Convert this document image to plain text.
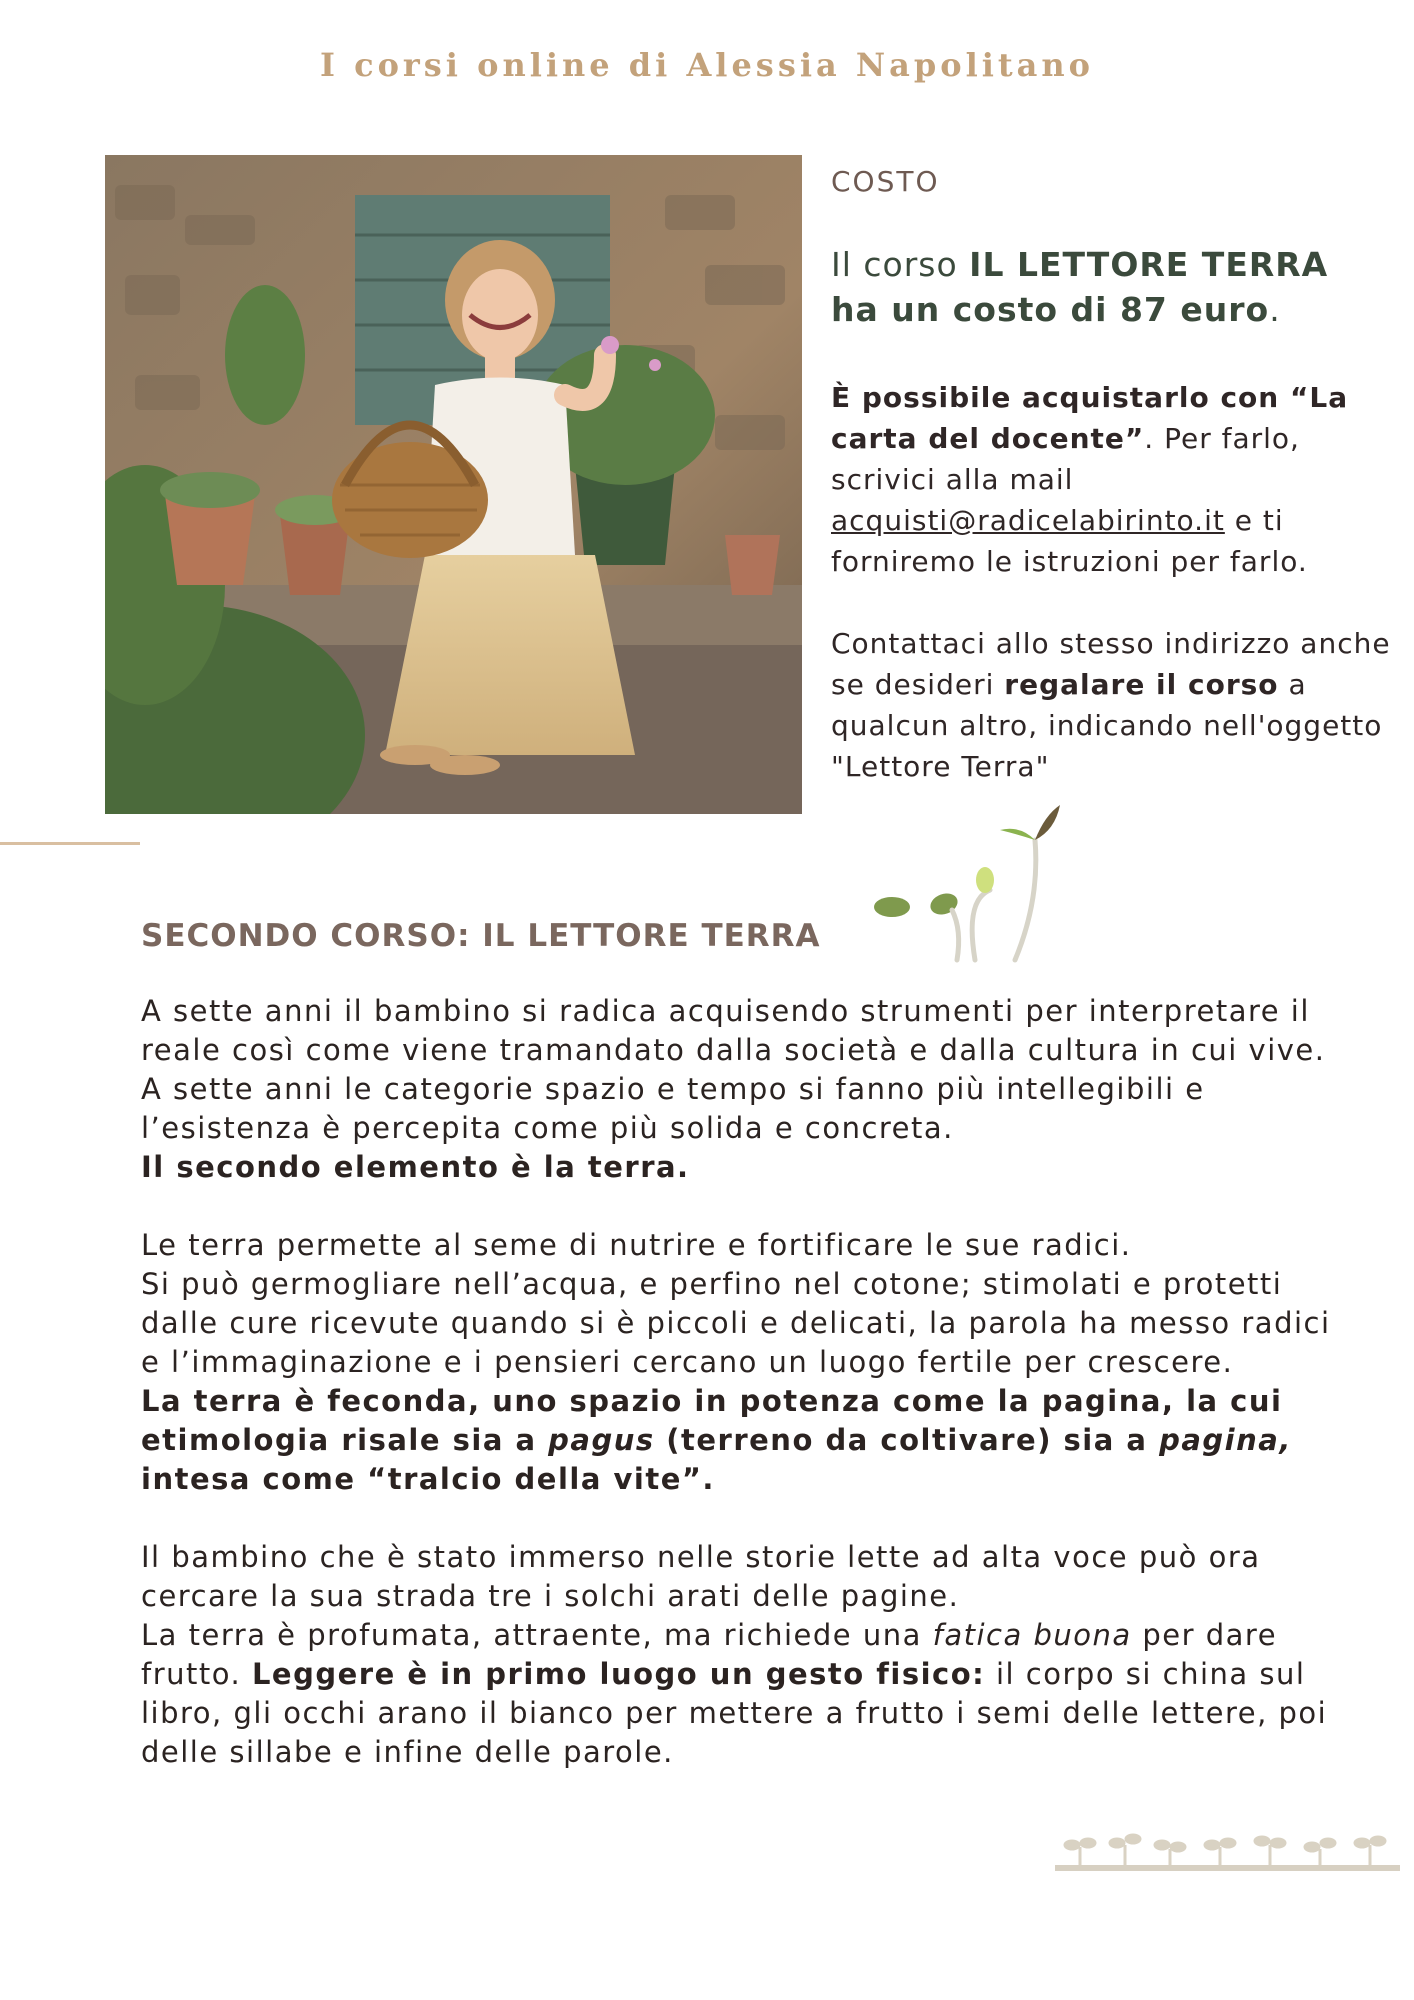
I corsi online di Alessia Napolitano
COSTO
Il corso IL LETTORE TERRA
ha un costo di 87 euro.

È possibile acquistarlo con “La carta del docente”. Per farlo, scrivici alla mail acquisti@radicelabirinto.it e ti forniremo le istruzioni per farlo.

Contattaci allo stesso indirizzo anche se desideri regalare il corso a qualcun altro, indicando nell'oggetto "Lettore Terra"

SECONDO CORSO: IL LETTORE TERRA

A sette anni il bambino si radica acquisendo strumenti per interpretare il reale così come viene tramandato dalla società e dalla cultura in cui vive. A sette anni le categorie spazio e tempo si fanno più intellegibili e l’esistenza è percepita come più solida e concreta.
Il secondo elemento è la terra.

Le terra permette al seme di nutrire e fortificare le sue radici.
Si può germogliare nell’acqua, e perfino nel cotone; stimolati e protetti dalle cure ricevute quando si è piccoli e delicati, la parola ha messo radici e l’immaginazione e i pensieri cercano un luogo fertile per crescere.
La terra è feconda, uno spazio in potenza come la pagina, la cui etimologia risale sia a pagus (terreno da coltivare) sia a pagina, intesa come “tralcio della vite”.

Il bambino che è stato immerso nelle storie lette ad alta voce può ora cercare la sua strada tre i solchi arati delle pagine.
La terra è profumata, attraente, ma richiede una fatica buona per dare frutto. Leggere è in primo luogo un gesto fisico: il corpo si china sul libro, gli occhi arano il bianco per mettere a frutto i semi delle lettere, poi delle sillabe e infine delle parole.
